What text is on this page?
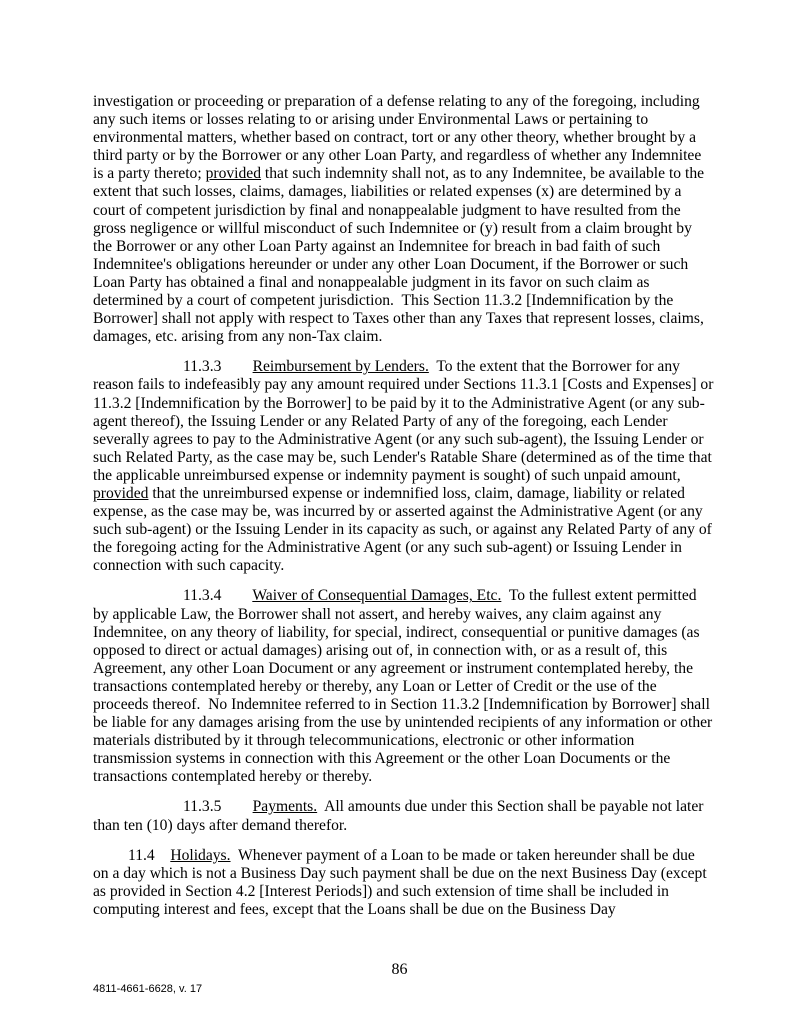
investigation or proceeding or preparation of a defense relating to any of the foregoing, including any such items or losses relating to or arising under Environmental Laws or pertaining to environmental matters, whether based on contract, tort or any other theory, whether brought by a third party or by the Borrower or any other Loan Party, and regardless of whether any Indemnitee is a party thereto; provided that such indemnity shall not, as to any Indemnitee, be available to the extent that such losses, claims, damages, liabilities or related expenses (x) are determined by a court of competent jurisdiction by final and nonappealable judgment to have resulted from the gross negligence or willful misconduct of such Indemnitee or (y) result from a claim brought by the Borrower or any other Loan Party against an Indemnitee for breach in bad faith of such Indemnitee's obligations hereunder or under any other Loan Document, if the Borrower or such Loan Party has obtained a final and nonappealable judgment in its favor on such claim as determined by a court of competent jurisdiction.  This Section 11.3.2 [Indemnification by the Borrower] shall not apply with respect to Taxes other than any Taxes that represent losses, claims, damages, etc. arising from any non-Tax claim.

11.3.3        Reimbursement by Lenders.  To the extent that the Borrower for any reason fails to indefeasibly pay any amount required under Sections 11.3.1 [Costs and Expenses] or 11.3.2 [Indemnification by the Borrower] to be paid by it to the Administrative Agent (or any sub-agent thereof), the Issuing Lender or any Related Party of any of the foregoing, each Lender severally agrees to pay to the Administrative Agent (or any such sub-agent), the Issuing Lender or such Related Party, as the case may be, such Lender's Ratable Share (determined as of the time that the applicable unreimbursed expense or indemnity payment is sought) of such unpaid amount, provided that the unreimbursed expense or indemnified loss, claim, damage, liability or related expense, as the case may be, was incurred by or asserted against the Administrative Agent (or any such sub-agent) or the Issuing Lender in its capacity as such, or against any Related Party of any of the foregoing acting for the Administrative Agent (or any such sub-agent) or Issuing Lender in connection with such capacity.

11.3.4        Waiver of Consequential Damages, Etc.  To the fullest extent permitted by applicable Law, the Borrower shall not assert, and hereby waives, any claim against any Indemnitee, on any theory of liability, for special, indirect, consequential or punitive damages (as opposed to direct or actual damages) arising out of, in connection with, or as a result of, this Agreement, any other Loan Document or any agreement or instrument contemplated hereby, the transactions contemplated hereby or thereby, any Loan or Letter of Credit or the use of the proceeds thereof.  No Indemnitee referred to in Section 11.3.2 [Indemnification by Borrower] shall be liable for any damages arising from the use by unintended recipients of any information or other materials distributed by it through telecommunications, electronic or other information transmission systems in connection with this Agreement or the other Loan Documents or the transactions contemplated hereby or thereby.

11.3.5        Payments.  All amounts due under this Section shall be payable not later than ten (10) days after demand therefor.

11.4    Holidays.  Whenever payment of a Loan to be made or taken hereunder shall be due on a day which is not a Business Day such payment shall be due on the next Business Day (except as provided in Section 4.2 [Interest Periods]) and such extension of time shall be included in computing interest and fees, except that the Loans shall be due on the Business Day

86
4811-4661-6628, v. 17
